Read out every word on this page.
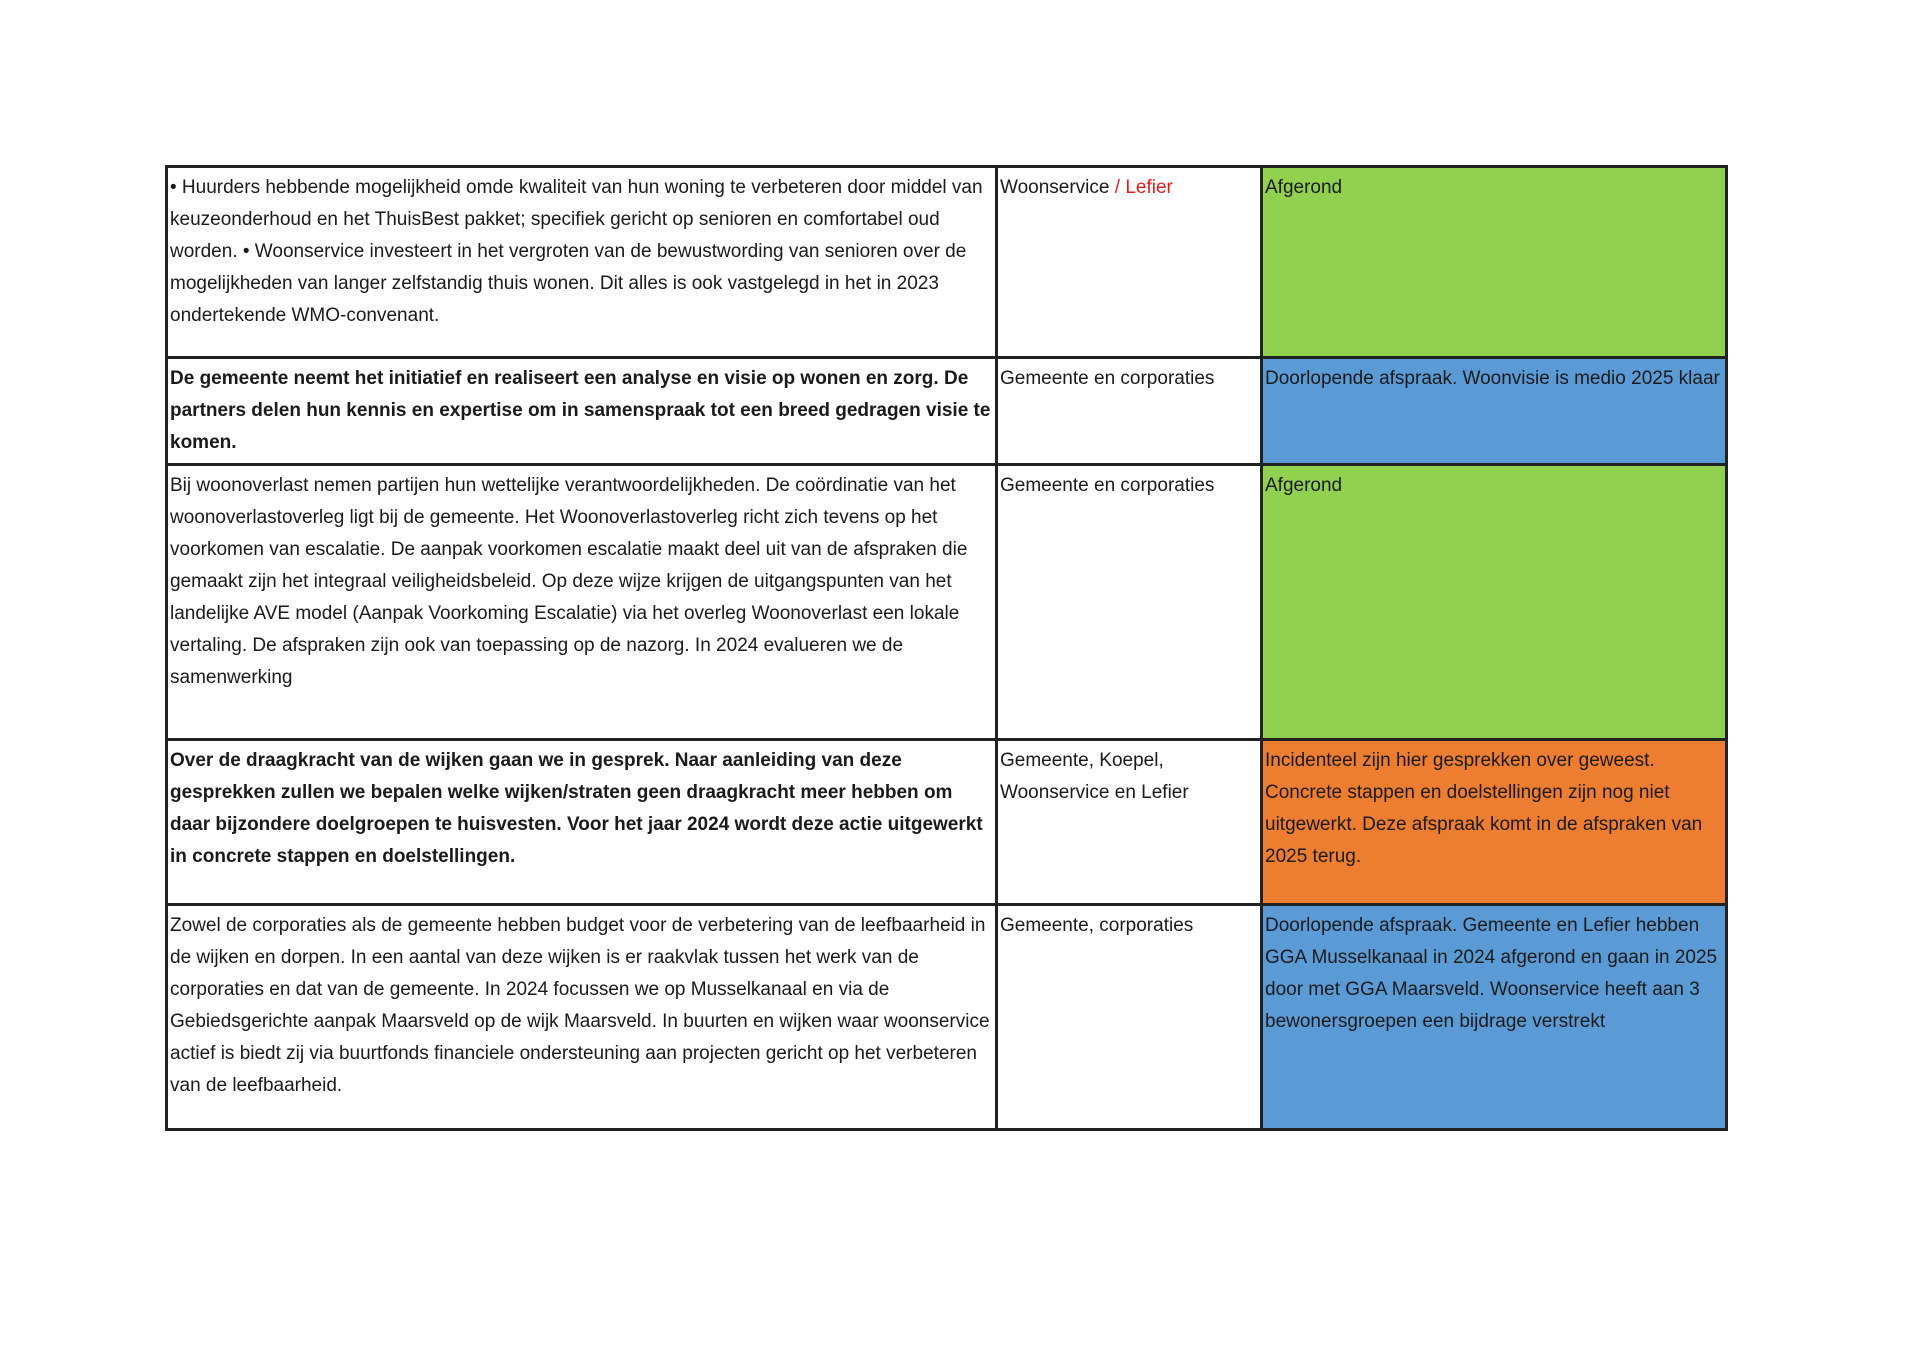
• Huurders hebbende mogelijkheid omde kwaliteit van hun woning te verbeteren door middel van keuzeonderhoud en het ThuisBest pakket; specifiek gericht op senioren en comfortabel oud worden. • Woonservice investeert in het vergroten van de bewustwording van senioren over de mogelijkheden van langer zelfstandig thuis wonen. Dit alles is ook vastgelegd in het in 2023 ondertekende WMO-convenant.	Woonservice / Lefier	Afgerond
De gemeente neemt het initiatief en realiseert een analyse en visie op wonen en zorg. De partners delen hun kennis en expertise om in samenspraak tot een breed gedragen visie te komen.	Gemeente en corporaties	Doorlopende afspraak. Woonvisie is medio 2025 klaar
Bij woonoverlast nemen partijen hun wettelijke verantwoordelijkheden. De coördinatie van het woonoverlastoverleg ligt bij de gemeente. Het Woonoverlastoverleg richt zich tevens op het voorkomen van escalatie. De aanpak voorkomen escalatie maakt deel uit van de afspraken die gemaakt zijn het integraal veiligheidsbeleid. Op deze wijze krijgen de uitgangspunten van het landelijke AVE model (Aanpak Voorkoming Escalatie) via het overleg Woonoverlast een lokale vertaling. De afspraken zijn ook van toepassing op de nazorg. In 2024 evalueren we de samenwerking	Gemeente en corporaties	Afgerond
Over de draagkracht van de wijken gaan we in gesprek. Naar aanleiding van deze gesprekken zullen we bepalen welke wijken/straten geen draagkracht meer hebben om daar bijzondere doelgroepen te huisvesten. Voor het jaar 2024 wordt deze actie uitgewerkt in concrete stappen en doelstellingen.	Gemeente, Koepel, Woonservice en Lefier	Incidenteel zijn hier gesprekken over geweest. Concrete stappen en doelstellingen zijn nog niet uitgewerkt. Deze afspraak komt in de afspraken van 2025 terug.
Zowel de corporaties als de gemeente hebben budget voor de verbetering van de leefbaarheid in de wijken en dorpen. In een aantal van deze wijken is er raakvlak tussen het werk van de corporaties en dat van de gemeente. In 2024 focussen we op Musselkanaal en via de Gebiedsgerichte aanpak Maarsveld op de wijk Maarsveld. In buurten en wijken waar woonservice actief is biedt zij via buurtfonds financiele ondersteuning aan projecten gericht op het verbeteren van de leefbaarheid.	Gemeente, corporaties	Doorlopende afspraak. Gemeente en Lefier hebben GGA Musselkanaal in 2024 afgerond en gaan in 2025 door met GGA Maarsveld. Woonservice heeft aan 3 bewonersgroepen een bijdrage verstrekt
